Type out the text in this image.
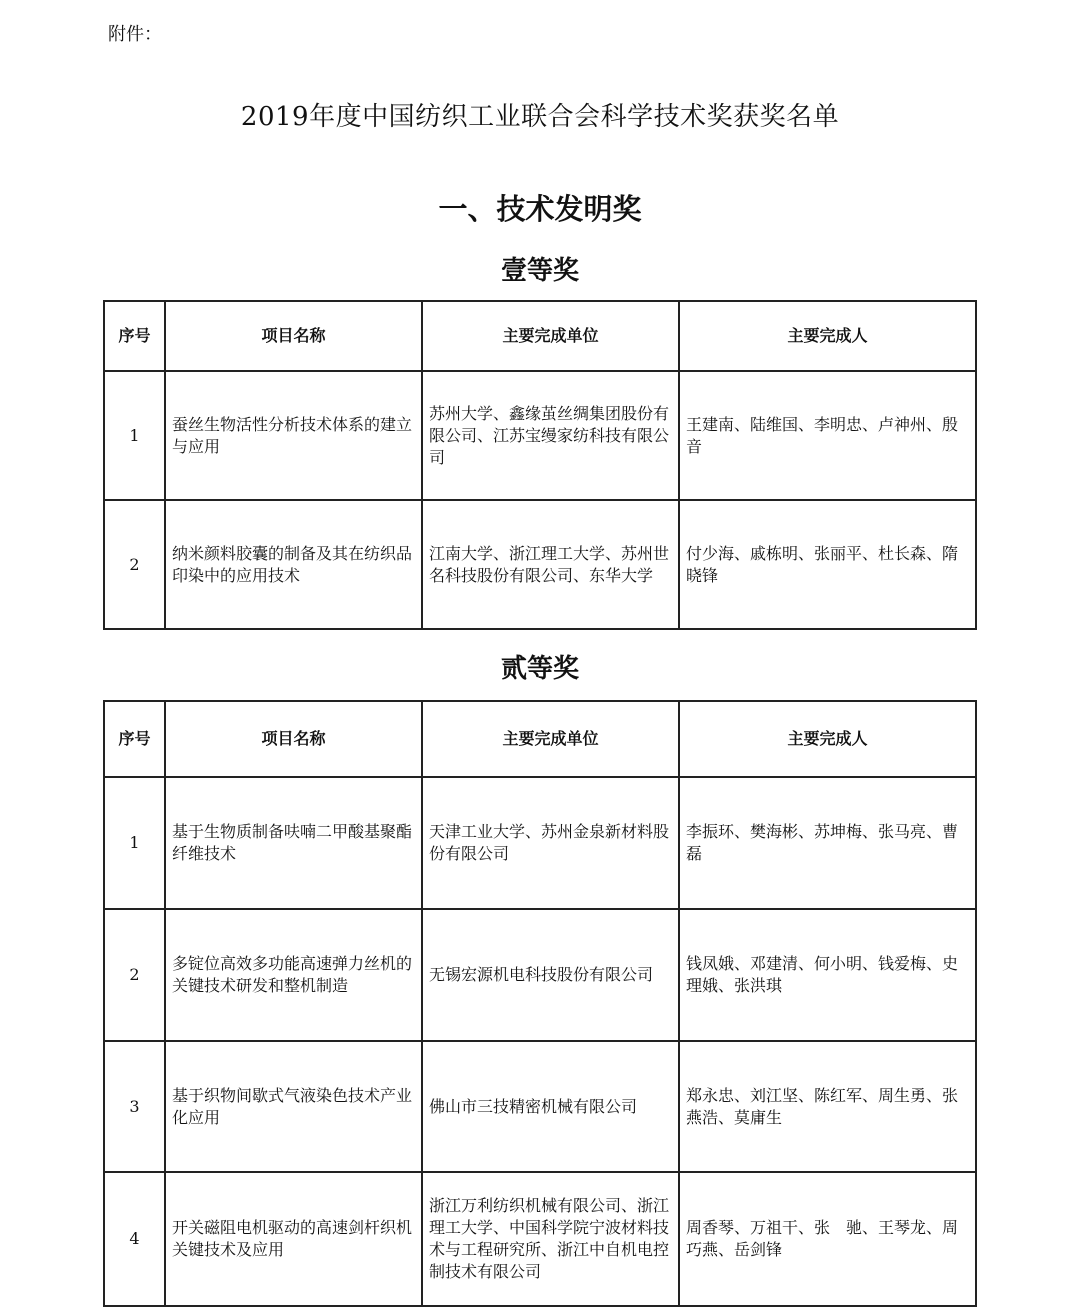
附件：
2019年度中国纺织工业联合会科学技术奖获奖名单
一、技术发明奖
壹等奖
序号	项目名称	主要完成单位	主要完成人
1	蚕丝生物活性分析技术体系的建立与应用	苏州大学、鑫缘茧丝绸集团股份有限公司、江苏宝缦家纺科技有限公司	王建南、陆维国、李明忠、卢神州、殷　音
2	纳米颜料胶囊的制备及其在纺织品印染中的应用技术	江南大学、浙江理工大学、苏州世名科技股份有限公司、东华大学	付少海、戚栋明、张丽平、杜长森、隋晓锋
贰等奖
序号	项目名称	主要完成单位	主要完成人
1	基于生物质制备呋喃二甲酸基聚酯纤维技术	天津工业大学、苏州金泉新材料股份有限公司	李振环、樊海彬、苏坤梅、张马亮、曹　磊
2	多锭位高效多功能高速弹力丝机的关键技术研发和整机制造	无锡宏源机电科技股份有限公司	钱凤娥、邓建清、何小明、钱爱梅、史理娥、张洪琪
3	基于织物间歇式气液染色技术产业化应用	佛山市三技精密机械有限公司	郑永忠、刘江坚、陈红军、周生勇、张燕浩、莫庸生
4	开关磁阻电机驱动的高速剑杆织机关键技术及应用	浙江万利纺织机械有限公司、浙江理工大学、中国科学院宁波材料技术与工程研究所、浙江中自机电控制技术有限公司	周香琴、万祖干、张　驰、王琴龙、周巧燕、岳剑锋
